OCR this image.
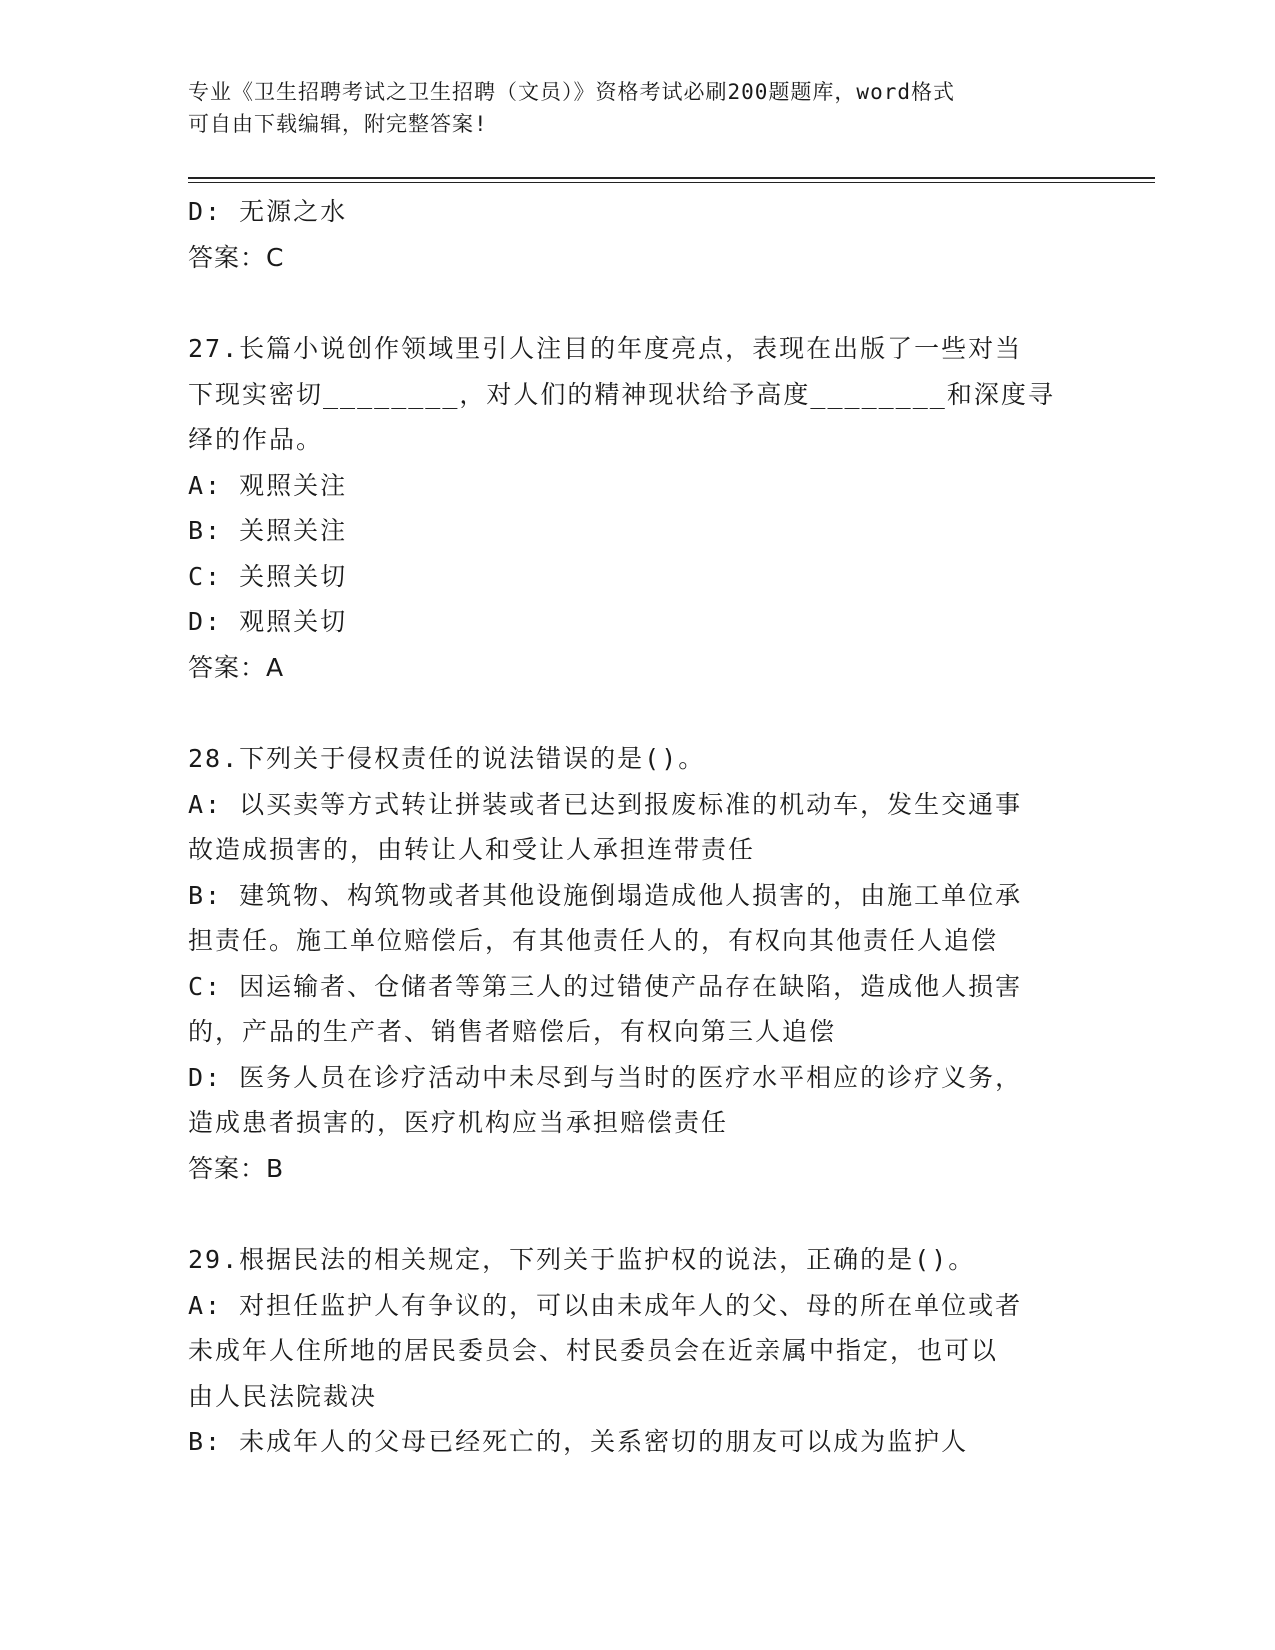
专业《卫生招聘考试之卫生招聘（文员）》资格考试必刷200题题库，word格式
可自由下载编辑，附完整答案!
D: 无源之水
答案：C
27.长篇小说创作领域里引人注目的年度亮点，表现在出版了一些对当
下现实密切________，对人们的精神现状给予高度________和深度寻
绎的作品。
A: 观照关注
B: 关照关注
C: 关照关切
D: 观照关切
答案：A
28.下列关于侵权责任的说法错误的是()。
A: 以买卖等方式转让拼装或者已达到报废标准的机动车，发生交通事
故造成损害的，由转让人和受让人承担连带责任
B: 建筑物、构筑物或者其他设施倒塌造成他人损害的，由施工单位承
担责任。施工单位赔偿后，有其他责任人的，有权向其他责任人追偿
C: 因运输者、仓储者等第三人的过错使产品存在缺陷，造成他人损害
的，产品的生产者、销售者赔偿后，有权向第三人追偿
D: 医务人员在诊疗活动中未尽到与当时的医疗水平相应的诊疗义务，
造成患者损害的，医疗机构应当承担赔偿责任
答案：B
29.根据民法的相关规定，下列关于监护权的说法，正确的是()。
A: 对担任监护人有争议的，可以由未成年人的父、母的所在单位或者
未成年人住所地的居民委员会、村民委员会在近亲属中指定，也可以
由人民法院裁决
B: 未成年人的父母已经死亡的，关系密切的朋友可以成为监护人
